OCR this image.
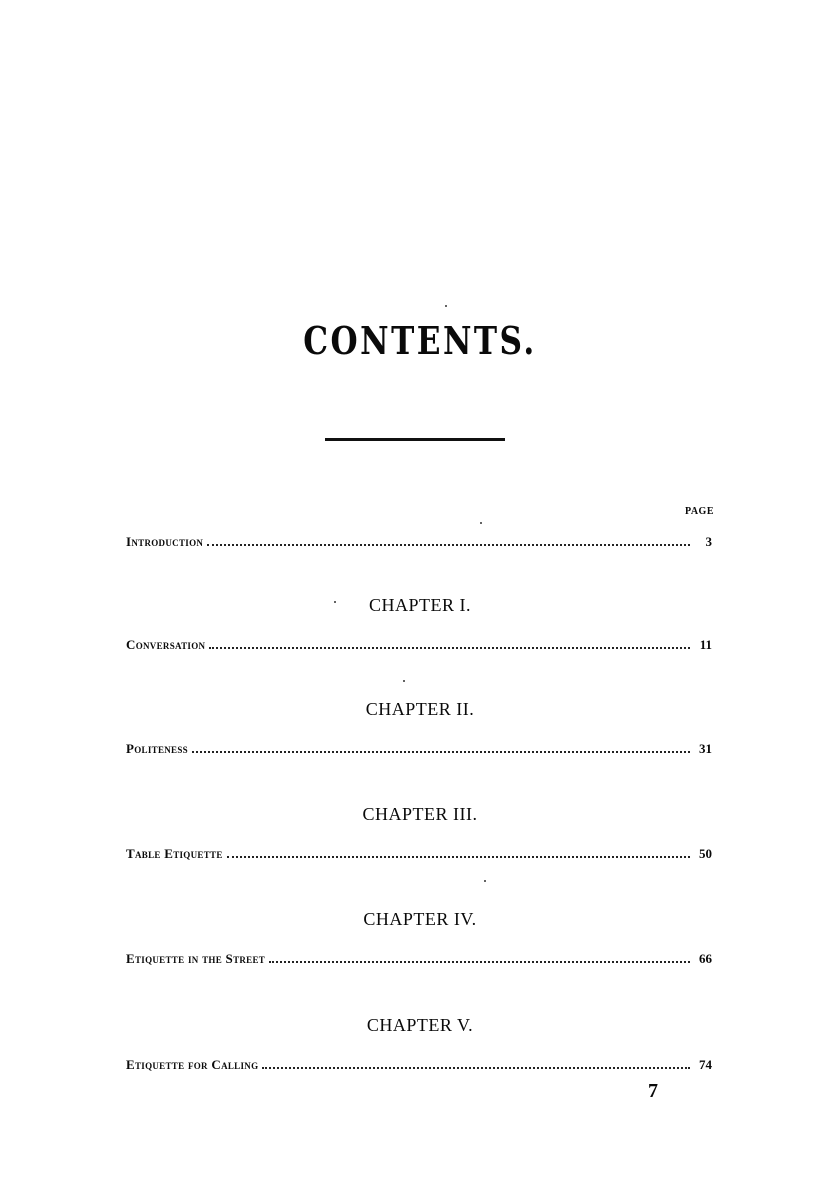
CONTENTS.
PAGE
Introduction	3
CHAPTER I.
Conversation	11
CHAPTER II.
Politeness	31
CHAPTER III.
Table Etiquette	50
CHAPTER IV.
Etiquette in the Street	66
CHAPTER V.
Etiquette for Calling	74
7
